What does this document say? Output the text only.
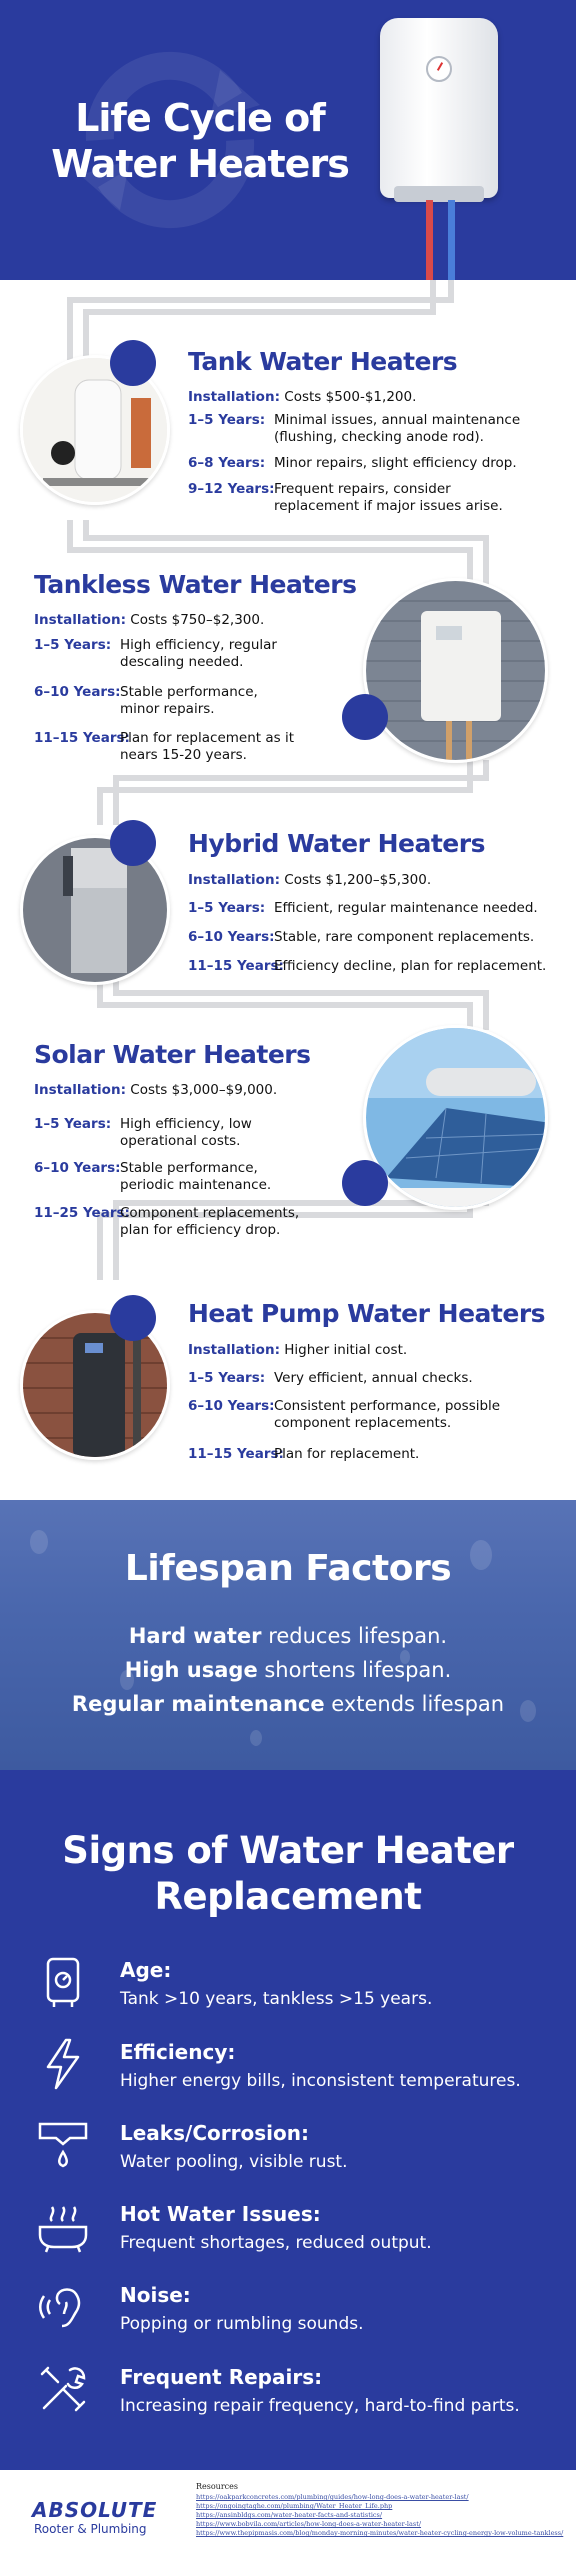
Life Cycle of
Water Heaters
Tank Water Heaters
Installation: Costs $500-$1,200.
1–5 Years: Minimal issues, annual maintenance (flushing, checking anode rod).
6–8 Years: Minor repairs, slight efficiency drop.
9–12 Years: Frequent repairs, consider replacement if major issues arise.
Tankless Water Heaters
Installation: Costs $750–$2,300.
1–5 Years: High efficiency, regular descaling needed.
6–10 Years: Stable performance, minor repairs.
11–15 Years:
Plan for replacement as it nears 15-20 years.
Hybrid Water Heaters
Installation: Costs $1,200–$5,300.
1–5 Years: Efficient, regular maintenance needed.
6–10 Years: Stable, rare component replacements.
11–15 Years:
Efficiency decline, plan for replacement.
Solar Water Heaters
Installation: Costs $3,000–$9,000.
1–5 Years: High efficiency, low operational costs.
6–10 Years: Stable performance, periodic maintenance.
11–25 Years:
Component replacements, plan for efficiency drop.
Heat Pump Water Heaters
Installation: Higher initial cost.
1–5 Years: Very efficient, annual checks.
6–10 Years: Consistent performance, possible component replacements.
11–15 Years:
Plan for replacement.
Lifespan Factors
Hard water reduces lifespan.
High usage shortens lifespan.
Regular maintenance extends lifespan
Signs of Water Heater
Replacement
Age:
Tank >10 years, tankless >15 years.
Efficiency:
Higher energy bills, inconsistent temperatures.
Leaks/Corrosion:
Water pooling, visible rust.
Hot Water Issues:
Frequent shortages, reduced output.
Noise:
Popping or rumbling sounds.
Frequent Repairs:
Increasing repair frequency, hard-to-find parts.
ABSOLUTE
Rooter & Plumbing
Resources
https://oakparkconcretes.com/plumbing/guides/how-long-does-a-water-heater-last/
https://ongoingtaghe.com/plumbing/Water_Heater_Life.php
https://ansinbldgs.com/water-heater-facts-and-statistics/
https://www.bobvila.com/articles/how-long-does-a-water-heater-last/
https://www.thepipmasis.com/blog/monday-morning-minutes/water-heater-cycling-energy-low-volume-tankless/
